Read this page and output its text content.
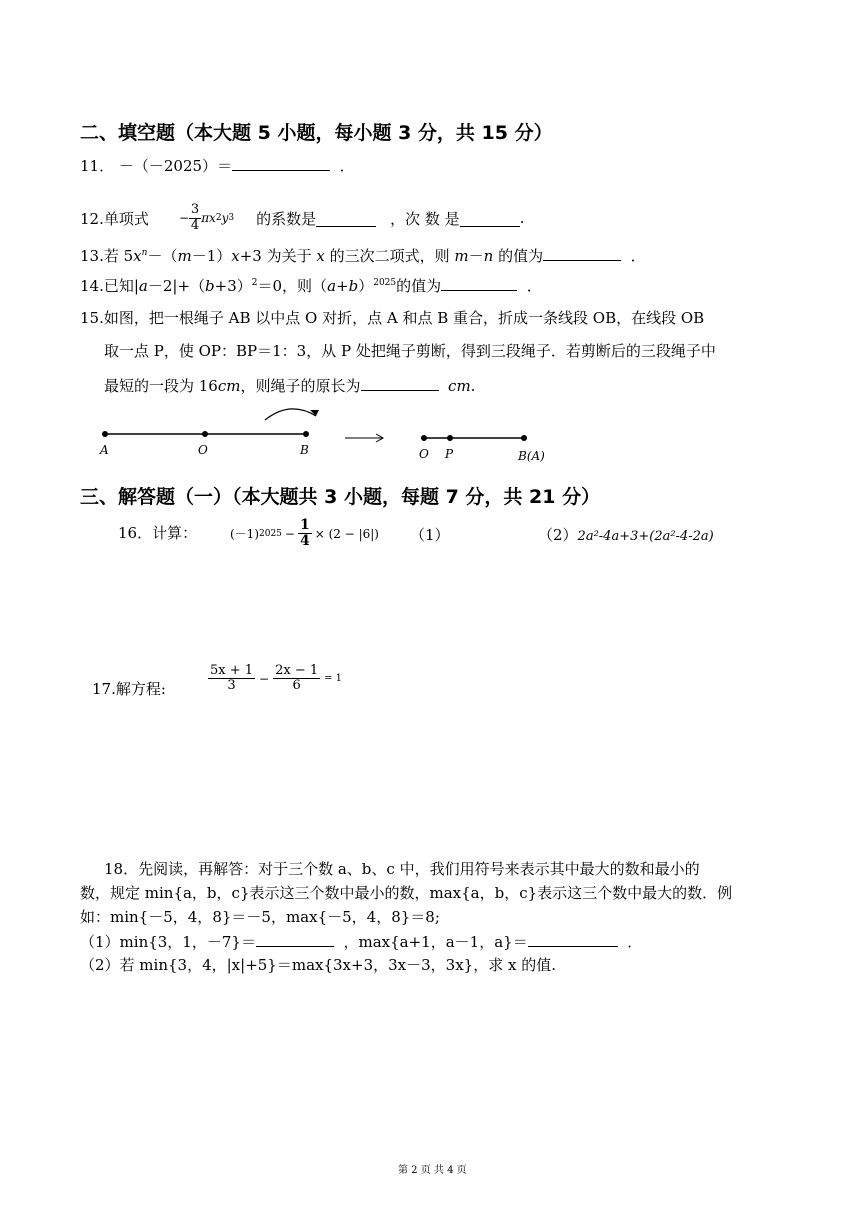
二、填空题（本大题 5 小题，每小题 3 分，共 15 分）
11． －（－2025）＝	．
12.单项式	− $\frac{3}{4}$ π x 2 y 3 的系数是	，次 数 是	.
13.若 $5x^n-(m-1)x+3$ 为关于 x 的三次二项式，则 m－n 的值为	．
14.已知$|a-2|+(b+3)^2=0$，则$(a+b)^{2025}$的值为	．
15.如图，把一根绳子 AB 以中点 O 对折，点 A 和点 B 重合，折成一条线段 OB，在线段 OB
取一点 P，使 OP：BP＝1：3，从 P 处把绳子剪断，得到三段绳子．若剪断后的三段绳子中
最短的一段为 16cm，则绳子的原长为	cm.
A	O	B	O P	B(A)
三、解答题（一）（本大题共 3 小题，每题 7 分，共 21 分）
16．计算：	(－1) $2025 - \frac{1}{4} \times (2 - |6|)$ （1）	（2）2a²-4a+3+(2a²-4-2a)
17.解方程:	$\frac{5x + 1}{3} - \frac{2x - 1}{6} = 1$
18．先阅读，再解答：对于三个数 a、b、c 中，我们用符号来表示其中最大的数和最小的
数，规定 min{a，b，c}表示这三个数中最小的数，max{a，b，c}表示这三个数中最大的数．例
如：min{－5，4，8}＝－5，max{－5，4，8}＝8;
（1）min{3，1，－7}＝	，max{a+1，a－1，a}＝	．
（2）若 min{3，4，|x|+5}＝max{3x+3，3x－3，3x}，求 x 的值.
第 2 页 共 4 页
